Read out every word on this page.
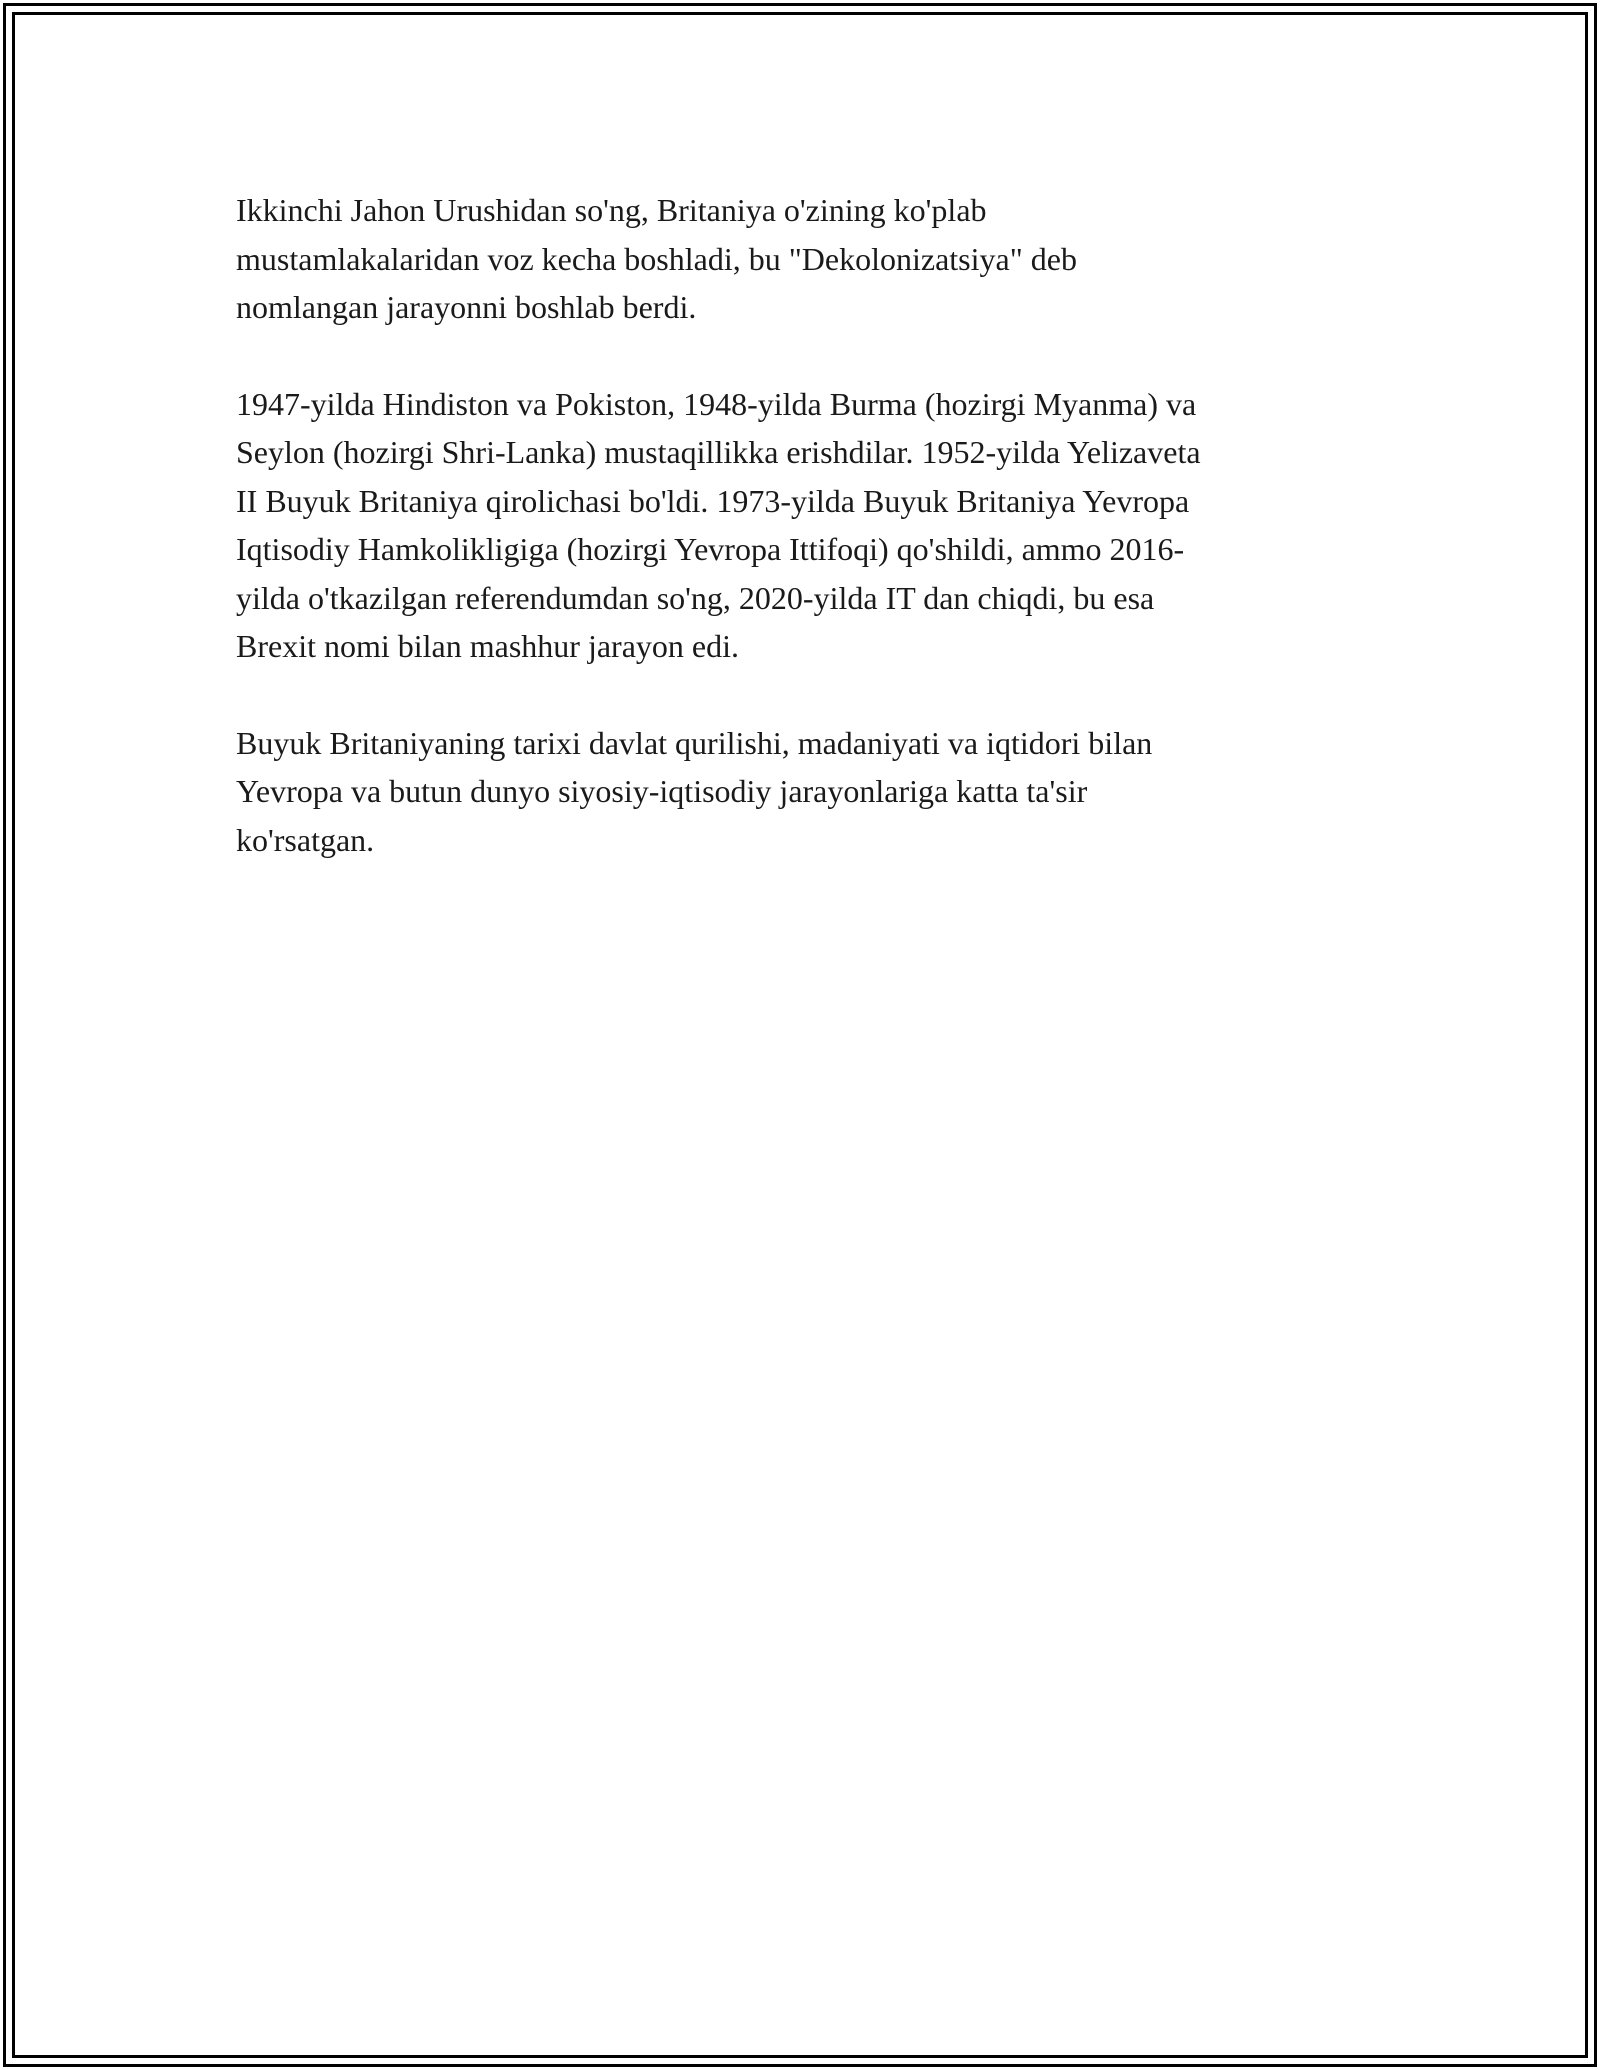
Ikkinchi Jahon Urushidan so'ng, Britaniya o'zining ko'plab
mustamlakalaridan voz kecha boshladi, bu "Dekolonizatsiya" deb
nomlangan jarayonni boshlab berdi.

1947-yilda Hindiston va Pokiston, 1948-yilda Burma (hozirgi Myanma) va
Seylon (hozirgi Shri-Lanka) mustaqillikka erishdilar. 1952-yilda Yelizaveta
II Buyuk Britaniya qirolichasi bo'ldi. 1973-yilda Buyuk Britaniya Yevropa
Iqtisodiy Hamkolikligiga (hozirgi Yevropa Ittifoqi) qo'shildi, ammo 2016-
yilda o'tkazilgan referendumdan so'ng, 2020-yilda IT dan chiqdi, bu esa
Brexit nomi bilan mashhur jarayon edi.

Buyuk Britaniyaning tarixi davlat qurilishi, madaniyati va iqtidori bilan
Yevropa va butun dunyo siyosiy-iqtisodiy jarayonlariga katta ta'sir
ko'rsatgan.
